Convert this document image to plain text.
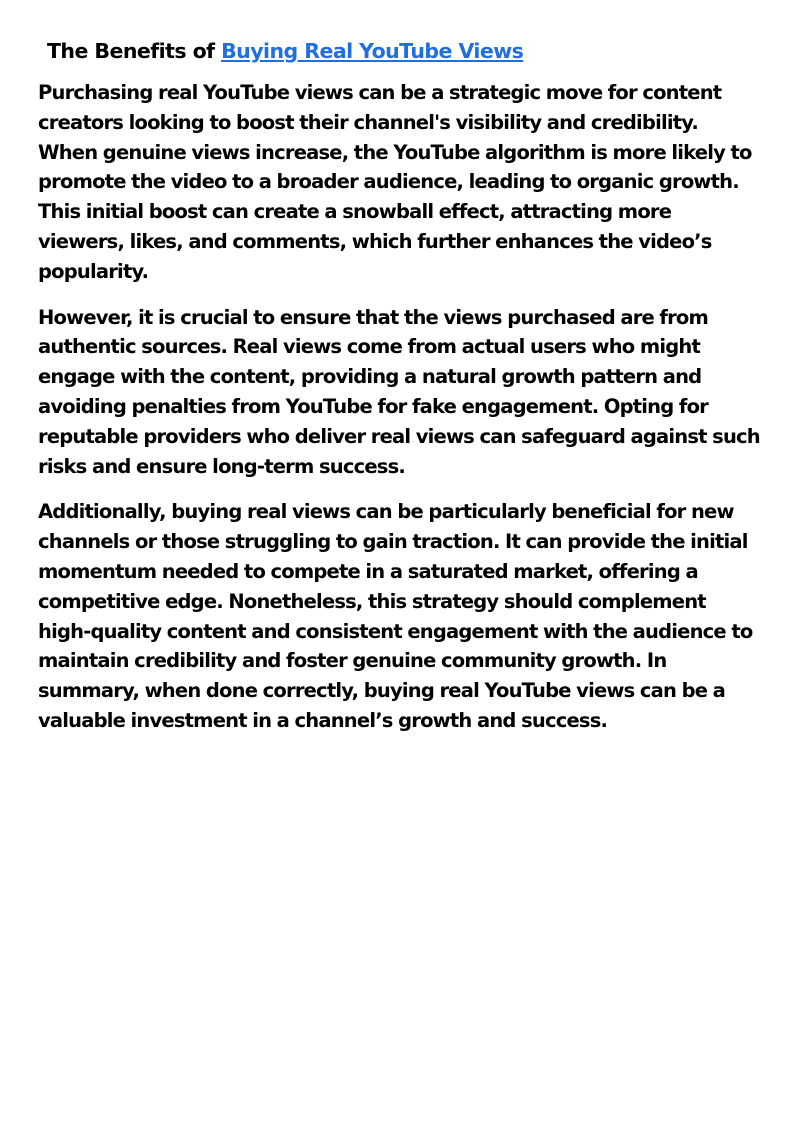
The Benefits of Buying Real YouTube Views

Purchasing real YouTube views can be a strategic move for content creators looking to boost their channel's visibility and credibility. When genuine views increase, the YouTube algorithm is more likely to promote the video to a broader audience, leading to organic growth. This initial boost can create a snowball effect, attracting more viewers, likes, and comments, which further enhances the video’s popularity.

However, it is crucial to ensure that the views purchased are from authentic sources. Real views come from actual users who might engage with the content, providing a natural growth pattern and avoiding penalties from YouTube for fake engagement. Opting for reputable providers who deliver real views can safeguard against such risks and ensure long-term success.

Additionally, buying real views can be particularly beneficial for new channels or those struggling to gain traction. It can provide the initial momentum needed to compete in a saturated market, offering a competitive edge. Nonetheless, this strategy should complement high-quality content and consistent engagement with the audience to maintain credibility and foster genuine community growth. In summary, when done correctly, buying real YouTube views can be a valuable investment in a channel’s growth and success.
